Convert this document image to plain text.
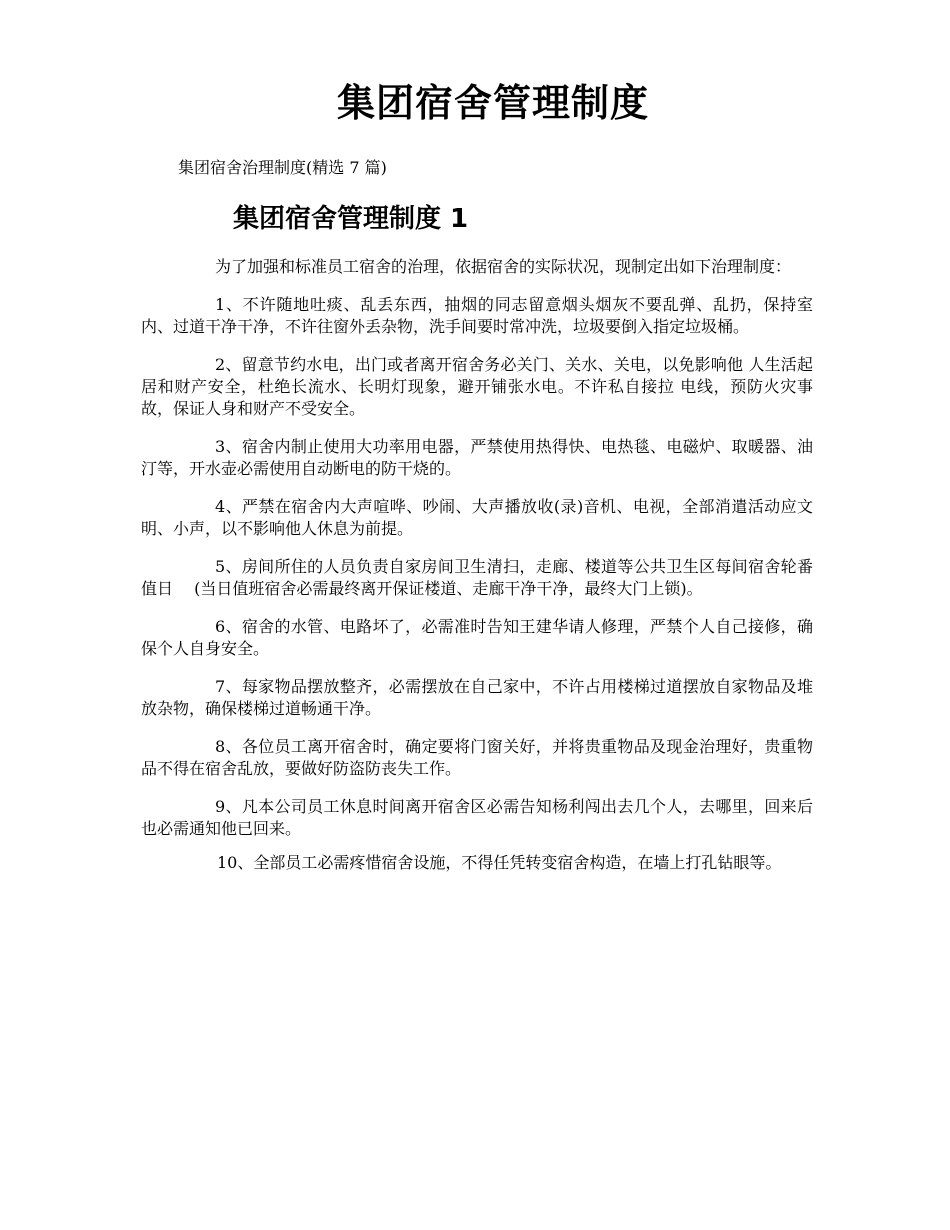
集团宿舍管理制度
集团宿舍治理制度(精选 7 篇)
集团宿舍管理制度 1

为了加强和标准员工宿舍的治理，依据宿舍的实际状况，现制定出如下治理制度：

1、不许随地吐痰、乱丢东西，抽烟的同志留意烟头烟灰不要乱弹、乱扔，保持室内、过道干净干净，不许往窗外丢杂物，洗手间要时常冲洗，垃圾要倒入指定垃圾桶。

2、留意节约水电，出门或者离开宿舍务必关门、关水、关电，以免影响他 人生活起居和财产安全，杜绝长流水、长明灯现象，避开铺张水电。不许私自接拉 电线，预防火灾事故，保证人身和财产不受安全。

3、宿舍内制止使用大功率用电器，严禁使用热得快、电热毯、电磁炉、取暖器、油汀等，开水壶必需使用自动断电的防干烧的。

4、严禁在宿舍内大声喧哗、吵闹、大声播放收(录)音机、电视，全部消遣活动应文明、小声，以不影响他人休息为前提。

5、房间所住的人员负责自家房间卫生清扫，走廊、楼道等公共卫生区每间宿舍轮番值日　 (当日值班宿舍必需最终离开保证楼道、走廊干净干净，最终大门上锁)。

6、宿舍的水管、电路坏了，必需准时告知王建华请人修理，严禁个人自己接修，确保个人自身安全。

7、每家物品摆放整齐，必需摆放在自己家中，不许占用楼梯过道摆放自家物品及堆放杂物，确保楼梯过道畅通干净。

8、各位员工离开宿舍时，确定要将门窗关好，并将贵重物品及现金治理好，贵重物品不得在宿舍乱放，要做好防盗防丧失工作。

9、凡本公司员工休息时间离开宿舍区必需告知杨利闯出去几个人，去哪里，回来后也必需通知他已回来。

10、全部员工必需疼惜宿舍设施，不得任凭转变宿舍构造，在墙上打孔钻眼等。
